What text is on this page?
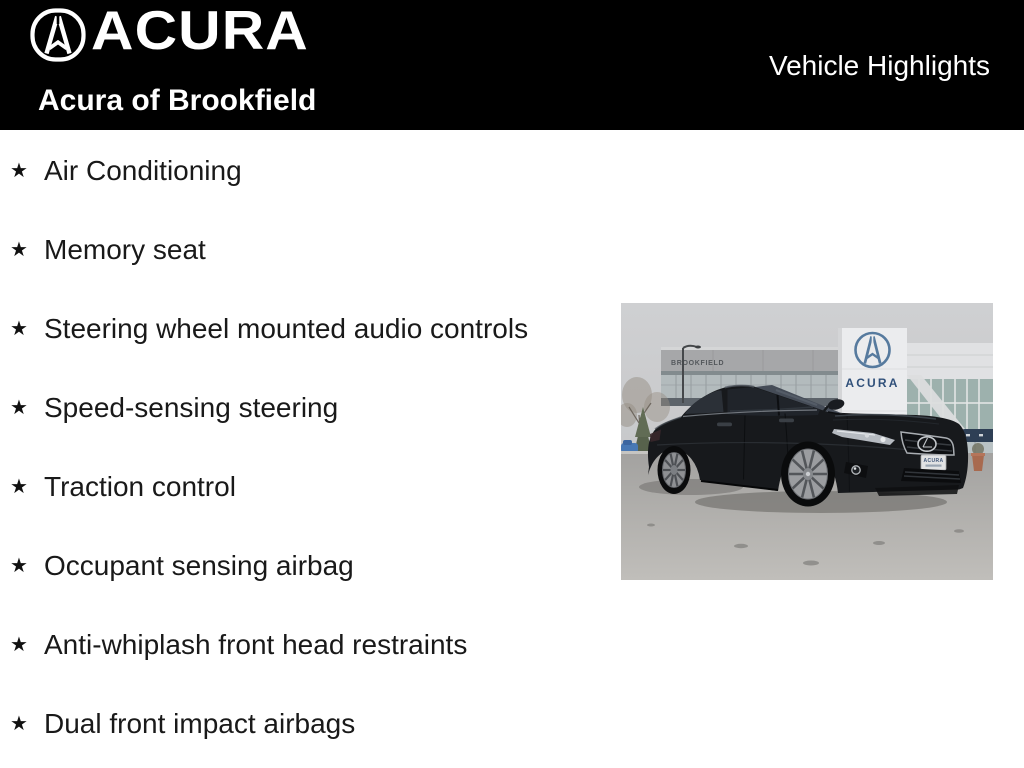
ACURA
Acura of Brookfield
Vehicle Highlights
★ Air Conditioning
★ Memory seat
★ Steering wheel mounted audio controls
★ Speed-sensing steering
★ Traction control
★ Occupant sensing airbag
★ Anti-whiplash front head restraints
★ Dual front impact airbags
BROOKFIELD
ACURA
ACURA
